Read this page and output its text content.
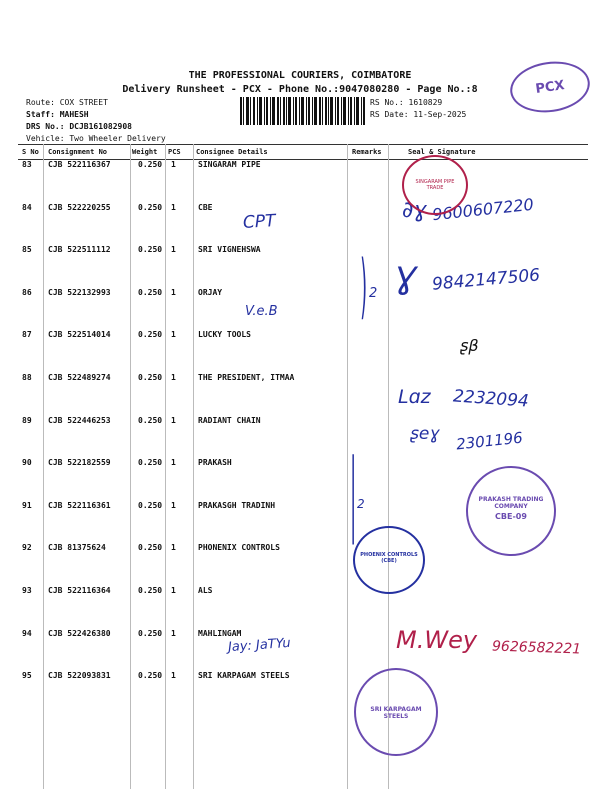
THE PROFESSIONAL COURIERS, COIMBATORE
Delivery Runsheet - PCX - Phone No.:9047080280 - Page No.:8
Route: COX STREET
Staff: MAHESH
DRS No.: DCJB161082908
Vehicle: Two Wheeler Delivery
RS No.: 1610829
RS Date: 11-Sep-2025
PCX
S No Consignment No	Weight PCS Consignee Details	Remarks	Seal & Signature
83 CJB 522116367	0.250 1	SINGARAM PIPE
84 CJB 522220255	0.250 1	CBE
85 CJB 522511112	0.250 1	SRI VIGNEHSWA
86 CJB 522132993	0.250 1	ORJAY
87 CJB 522514014	0.250 1	LUCKY TOOLS
88 CJB 522489274	0.250 1	THE PRESIDENT, ITMAA
89 CJB 522446253	0.250 1	RADIANT CHAIN
90 CJB 522182559	0.250 1	PRAKASH
91 CJB 522116361	0.250 1	PRAKASGH TRADINH
92 CJB 81375624	0.250 1	PHONENIX CONTROLS
93 CJB 522116364	0.250 1	ALS
94 CJB 522426380	0.250 1	MAHLINGAM
95 CJB 522093831	0.250 1	SRI KARPAGAM STEELS
CPT	9600607220
∂ɣ
) 2 Ɣ 9842147506
V.e.B
ʂβ
Lɑz 2232094
ʂeɣ 2301196
| 2
Jay: JaTYu	M.Wey 9626582221
SINGARAM PIPE TRADE
PRAKASH TRADING COMPANY
CBE-09
PHOENIX CONTROLS (CBE)
SRI KARPAGAM STEELS
